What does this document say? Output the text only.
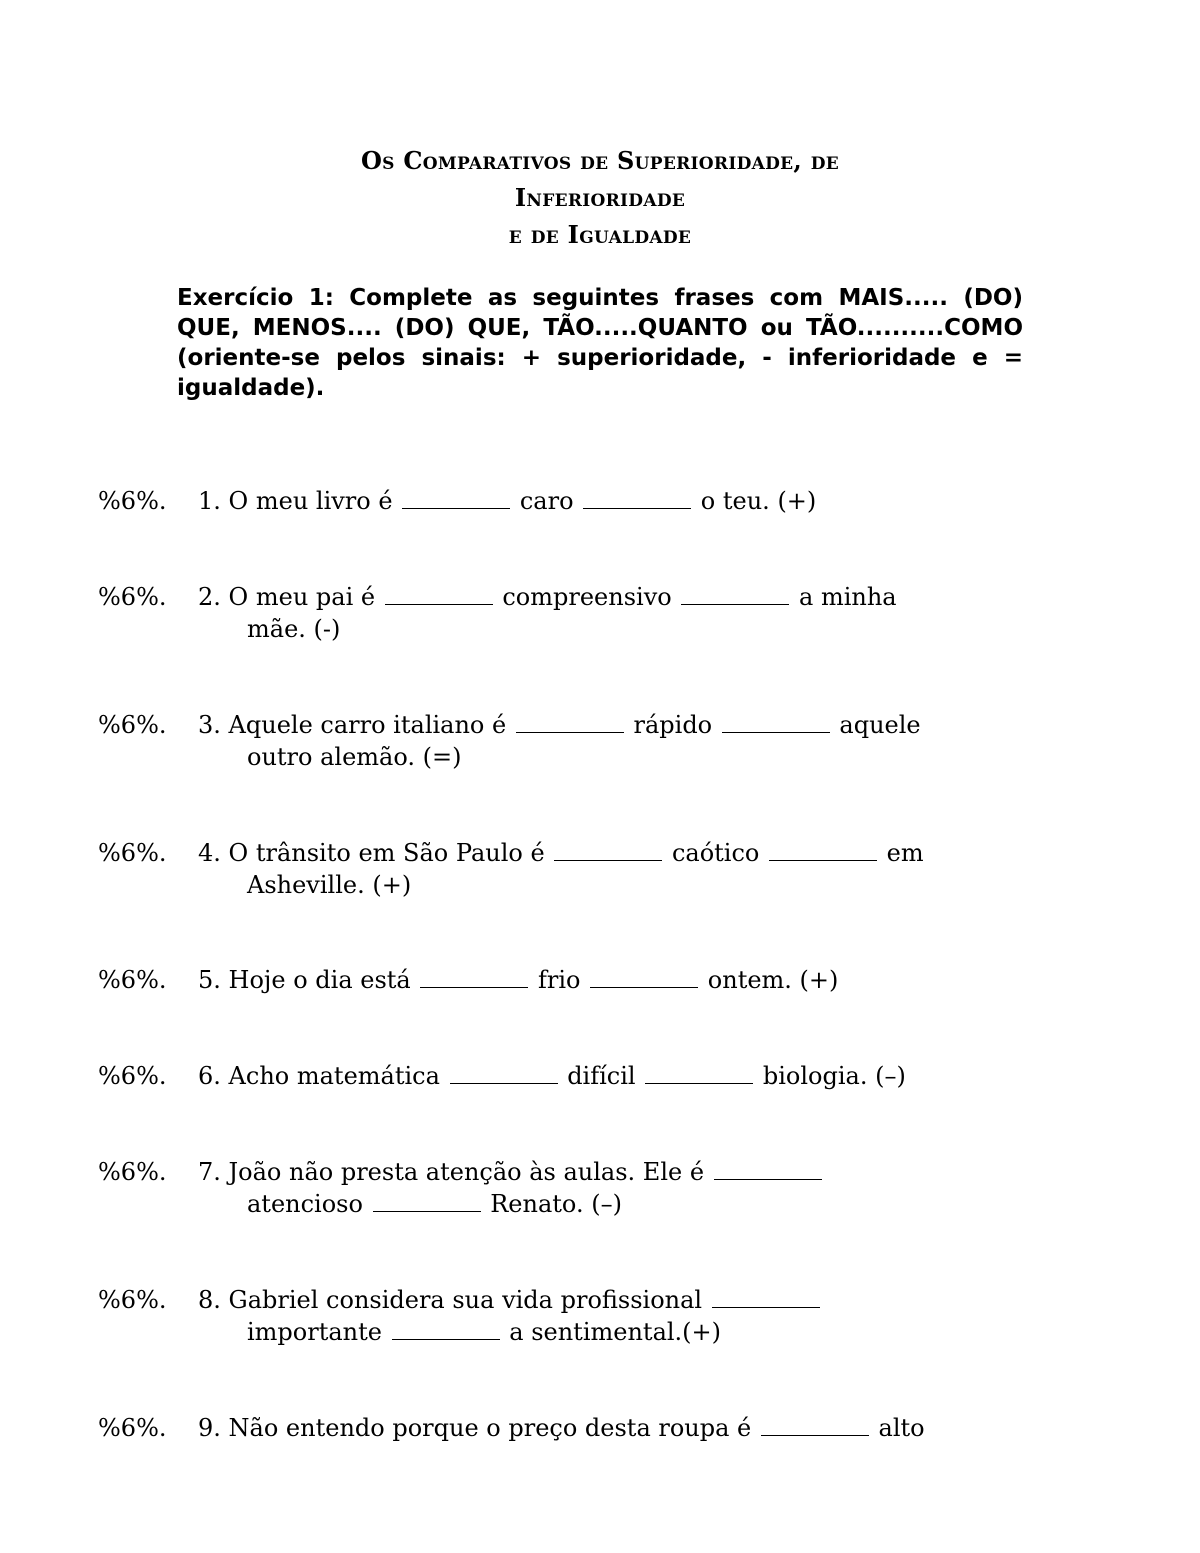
Os Comparativos de Superioridade, de
Inferioridade
e de Igualdade
Exercício 1: Complete as seguintes frases com MAIS..... (DO) QUE, MENOS.... (DO) QUE, TÃO.....QUANTO ou TÃO..........COMO (oriente-se pelos sinais: + superioridade, - inferioridade e = igualdade).
%6%. 1. O meu livro é	caro	o teu. (+)
%6%. 2. O meu pai é	compreensivo	a minha
mãe. (-)
%6%. 3. Aquele carro italiano é	rápido	aquele
outro alemão. (=)
%6%. 4. O trânsito em São Paulo é	caótico	em
Asheville. (+)
%6%. 5. Hoje o dia está	frio	ontem. (+)
%6%. 6. Acho matemática	difícil	biologia. (–)
%6%. 7. João não presta atenção às aulas. Ele é
atencioso	Renato. (–)
%6%. 8. Gabriel considera sua vida profissional
importante	a sentimental.(+)
%6%. 9. Não entendo porque o preço desta roupa é	alto
